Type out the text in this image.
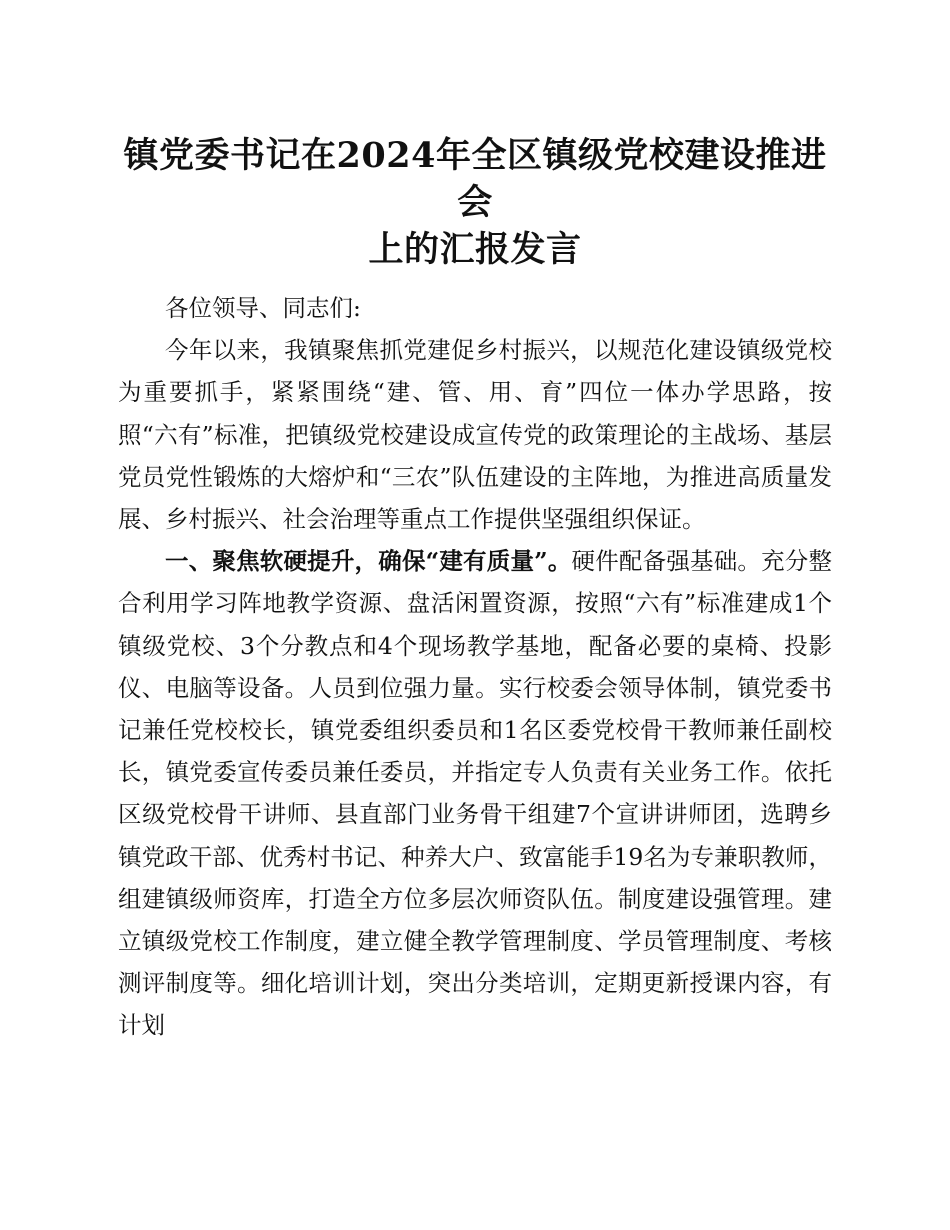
镇党委书记在2024年全区镇级党校建设推进会
上的汇报发言

各位领导、同志们:

今年以来，我镇聚焦抓党建促乡村振兴，以规范化建设镇级党校为重要抓手，紧紧围绕“建、管、用、育”四位一体办学思路，按照“六有”标准，把镇级党校建设成宣传党的政策理论的主战场、基层党员党性锻炼的大熔炉和“三农”队伍建设的主阵地，为推进高质量发展、乡村振兴、社会治理等重点工作提供坚强组织保证。

一、聚焦软硬提升，确保“建有质量”。硬件配备强基础。充分整合利用学习阵地教学资源、盘活闲置资源，按照“六有”标准建成1个镇级党校、3个分教点和4个现场教学基地，配备必要的桌椅、投影仪、电脑等设备。人员到位强力量。实行校委会领导体制，镇党委书记兼任党校校长，镇党委组织委员和1名区委党校骨干教师兼任副校长，镇党委宣传委员兼任委员，并指定专人负责有关业务工作。依托区级党校骨干讲师、县直部门业务骨干组建7个宣讲讲师团，选聘乡镇党政干部、优秀村书记、种养大户、致富能手19名为专兼职教师，组建镇级师资库，打造全方位多层次师资队伍。制度建设强管理。建立镇级党校工作制度，建立健全教学管理制度、学员管理制度、考核测评制度等。细化培训计划，突出分类培训，定期更新授课内容，有计划
